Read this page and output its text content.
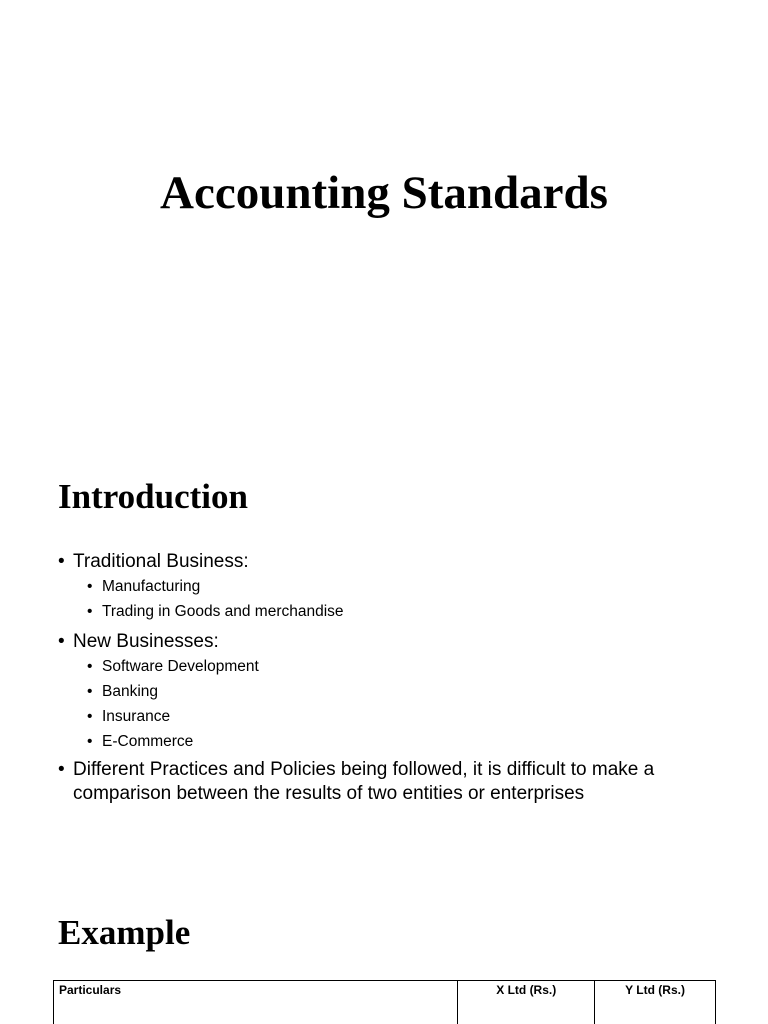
Accounting Standards
Introduction
• Traditional Business:
• Manufacturing
• Trading in Goods and merchandise
• New Businesses:
• Software Development
• Banking
• Insurance
• E-Commerce
• Different Practices and Policies being followed, it is difficult to make a comparison between the results of two entities or enterprises
Example
Particulars	X Ltd (Rs.)	Y Ltd (Rs.)
